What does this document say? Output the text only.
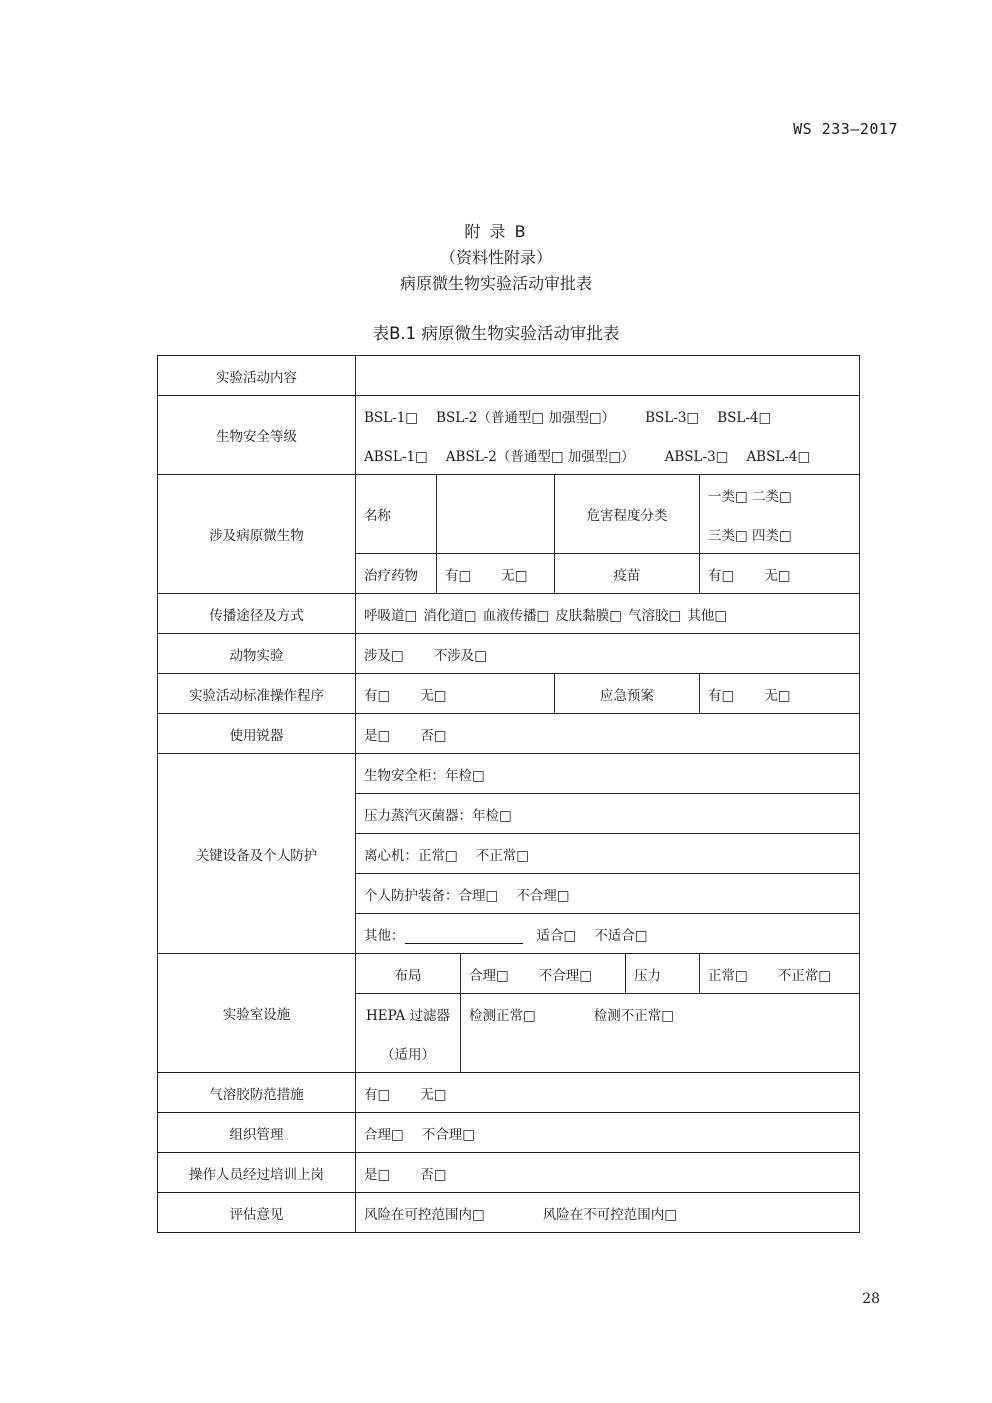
WS 233—2017
附 录 B
（资料性附录）
病原微生物实验活动审批表
表B.1 病原微生物实验活动审批表
实验活动内容						
生物安全等级	BSL-1□ BSL-2（普通型□ 加强型□） BSL-3□ BSL-4□					
	ABSL-1□ ABSL-2（普通型□ 加强型□） ABSL-3□ ABSL-4□					
涉及病原微生物	名称			危害程度分类		一类□ 二类□
						三类□ 四类□
	治疗药物	有□ 无□		疫苗		有□ 无□
传播途径及方式	呼吸道□ 消化道□ 血液传播□ 皮肤黏膜□ 气溶胶□ 其他□					
动物实验	涉及□ 不涉及□					
实验活动标准操作程序	有□ 无□			应急预案		有□ 无□
使用锐器	是□ 否□					
关键设备及个人防护	生物安全柜：年检□					
	压力蒸汽灭菌器：年检□					
	离心机：正常□ 不正常□					
	个人防护装备：合理□ 不合理□					
	其他： 适合□ 不适合□					
实验室设施	布局		合理□ 不合理□		压力	正常□ 不正常□
	HEPA 过滤器		检测正常□ 检测不正常□			
	（适用）					
气溶胶防范措施	有□ 无□					
组织管理	合理□ 不合理□					
操作人员经过培训上岗	是□ 否□					
评估意见	风险在可控范围内□ 风险在不可控范围内□					
28
